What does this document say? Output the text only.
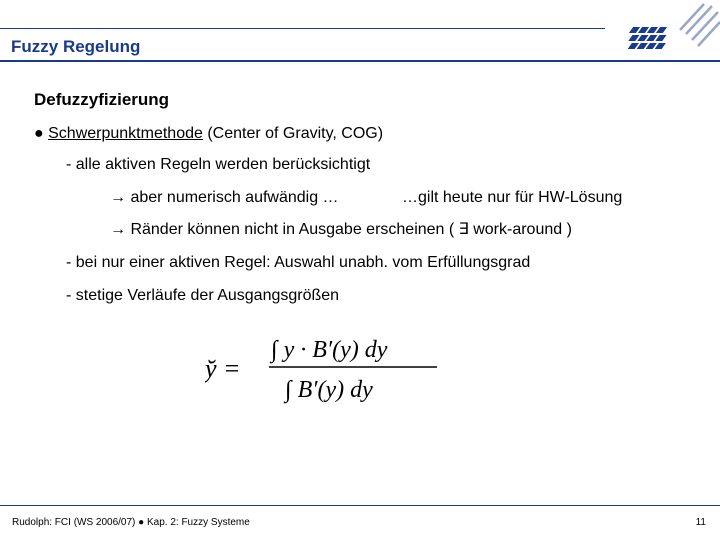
Fuzzy Regelung
Defuzzyfizierung
● Schwerpunktmethode (Center of Gravity, COG)
- alle aktiven Regeln werden berücksichtigt
→ aber numerisch aufwändig …	…gilt heute nur für HW-Lösung
→ Ränder können nicht in Ausgabe erscheinen ( ∃ work-around )
- bei nur einer aktiven Regel: Auswahl unabh. vom Erfüllungsgrad
- stetige Verläufe der Ausgangsgrößen
y̆ =
∫ y · B′(y) dy
∫ B′(y) dy
Rudolph: FCI (WS 2006/07) ● Kap. 2: Fuzzy Systeme	11
